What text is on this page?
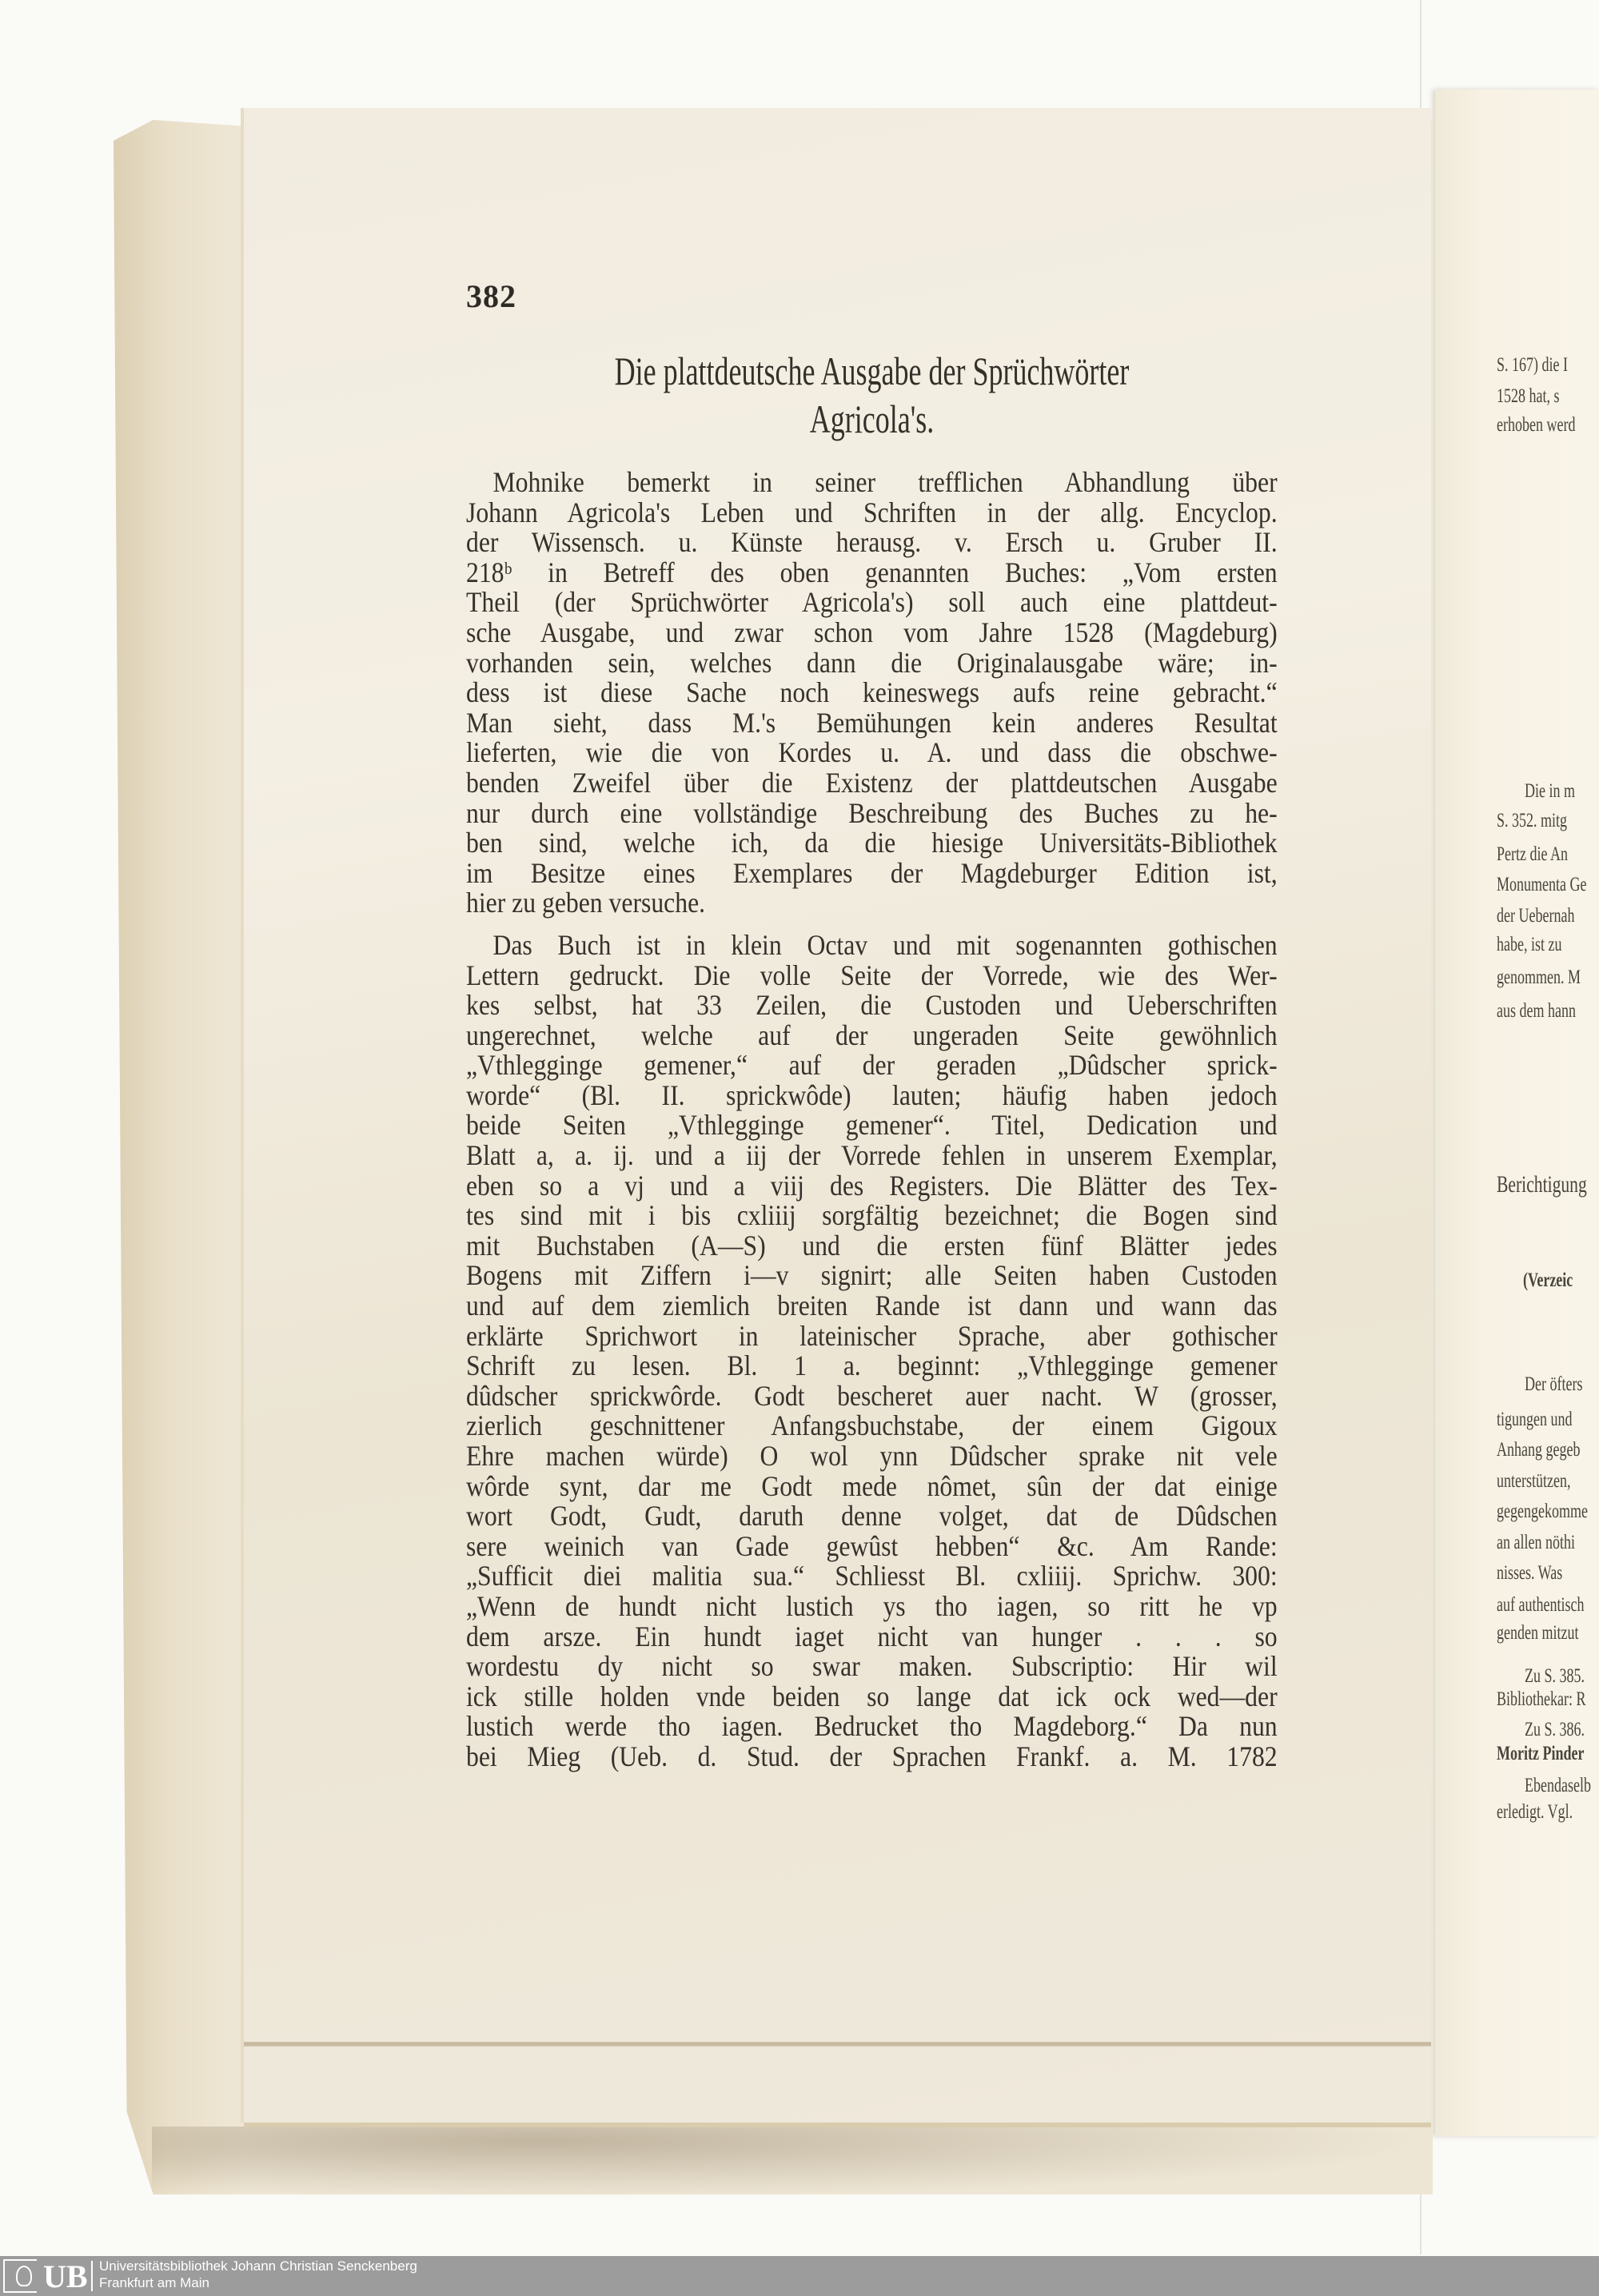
S. 167) die I
1528 hat, s
erhoben werd
Die in m
S. 352. mitg
Pertz die An
Monumenta Ge
der Uebernah
habe, ist zu
genommen. M
aus dem hann
Berichtigung
(Verzeic
Der öfters
tigungen und
Anhang gegeb
unterstützen,
gegengekomme
an allen nöthi
nisses. Was
auf authentisch
genden mitzut
Zu S. 385.
Bibliothekar: R
Zu S. 386.
Moritz Pinder
Ebendaselb
erledigt. Vgl.
382
Die plattdeutsche Ausgabe der Sprüchwörter
Agricola's.
Mohnike bemerkt in seiner trefflichen Abhandlung über
Johann Agricola's Leben und Schriften in der allg. Encyclop.
der Wissensch. u. Künste herausg. v. Ersch u. Gruber II.
218ᵇ in Betreff des oben genannten Buches: „Vom ersten
Theil (der Sprüchwörter Agricola's) soll auch eine plattdeut-
sche Ausgabe, und zwar schon vom Jahre 1528 (Magdeburg)
vorhanden sein, welches dann die Originalausgabe wäre; in-
dess ist diese Sache noch keineswegs aufs reine gebracht.“
Man sieht, dass M.'s Bemühungen kein anderes Resultat
lieferten, wie die von Kordes u. A. und dass die obschwe-
benden Zweifel über die Existenz der plattdeutschen Ausgabe
nur durch eine vollständige Beschreibung des Buches zu he-
ben sind, welche ich, da die hiesige Universitäts-Bibliothek
im Besitze eines Exemplares der Magdeburger Edition ist,
hier zu geben versuche.
Das Buch ist in klein Octav und mit sogenannten gothischen
Lettern gedruckt. Die volle Seite der Vorrede, wie des Wer-
kes selbst, hat 33 Zeilen, die Custoden und Ueberschriften
ungerechnet, welche auf der ungeraden Seite gewöhnlich
„Vthlegginge gemener,“ auf der geraden „Dûdscher sprick-
worde“ (Bl. II. sprickwôde) lauten; häufig haben jedoch
beide Seiten „Vthlegginge gemener“. Titel, Dedication und
Blatt a, a. ij. und a iij der Vorrede fehlen in unserem Exemplar,
eben so a vj und a viij des Registers. Die Blätter des Tex-
tes sind mit i bis cxliiij sorgfältig bezeichnet; die Bogen sind
mit Buchstaben (A—S) und die ersten fünf Blätter jedes
Bogens mit Ziffern i—v signirt; alle Seiten haben Custoden
und auf dem ziemlich breiten Rande ist dann und wann das
erklärte Sprichwort in lateinischer Sprache, aber gothischer
Schrift zu lesen. Bl. 1 a. beginnt: „Vthlegginge gemener
dûdscher sprickwôrde. Godt bescheret auer nacht. W (grosser,
zierlich geschnittener Anfangsbuchstabe, der einem Gigoux
Ehre machen würde) O wol ynn Dûdscher sprake nit vele
wôrde synt, dar me Godt mede nômet, sûn der dat einige
wort Godt, Gudt, daruth denne volget, dat de Dûdschen
sere weinich van Gade gewûst hebben“ &c. Am Rande:
„Sufficit diei malitia sua.“ Schliesst Bl. cxliiij. Sprichw. 300:
„Wenn de hundt nicht lustich ys tho iagen, so ritt he vp
dem arsze. Ein hundt iaget nicht van hunger . . . so
wordestu dy nicht so swar maken. Subscriptio: Hir wil
ick stille holden vnde beiden so lange dat ick ock wed—der
lustich werde tho iagen. Bedrucket tho Magdeborg.“ Da nun
bei Mieg (Ueb. d. Stud. der Sprachen Frankf. a. M. 1782
UB Universitätsbibliothek Johann Christian Senckenberg
Frankfurt am Main
